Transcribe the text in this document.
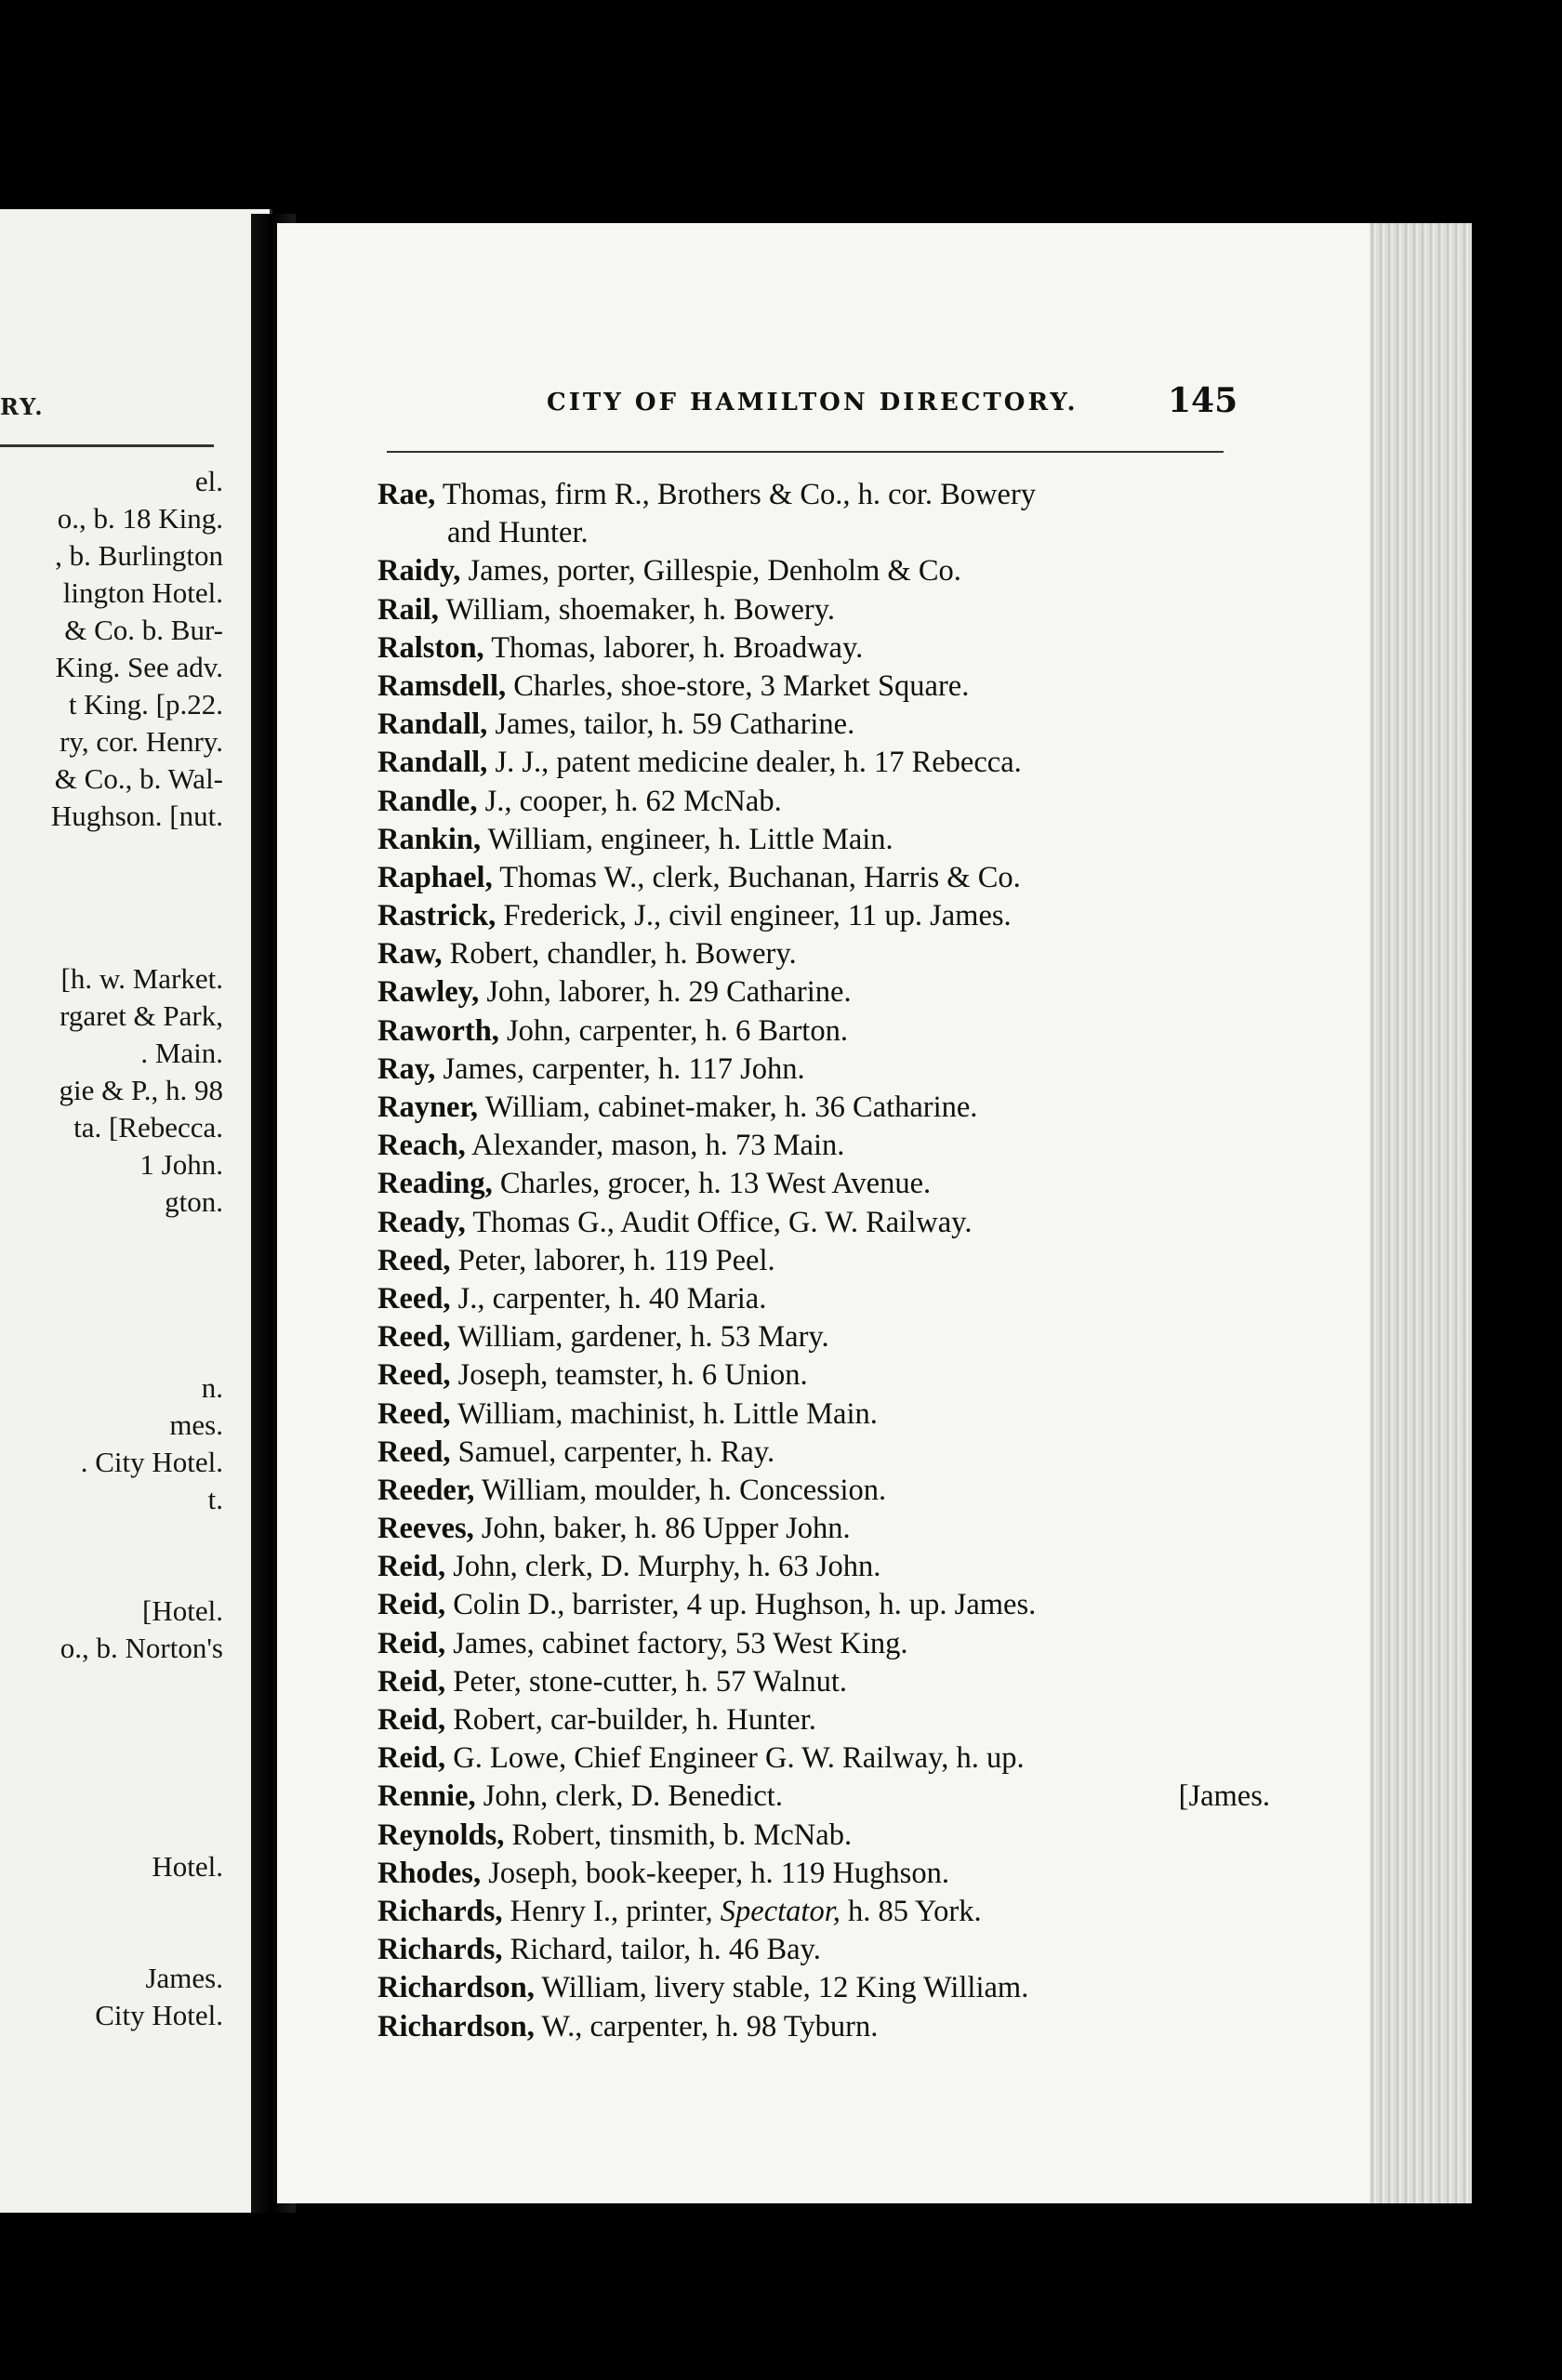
RY.
el.
o., b. 18 King.
, b. Burlington
lington Hotel.
& Co. b. Bur-
King. See adv.
t King. [p.22.
ry, cor. Henry.
& Co., b. Wal-
Hughson. [nut.
[h. w. Market.
rgaret & Park,
. Main.
gie & P., h. 98
ta. [Rebecca.
1 John.
gton.
n.
mes.
. City Hotel.
t.
[Hotel.
o., b. Norton's
Hotel.
James.
City Hotel.
CITY OF HAMILTON DIRECTORY.	145
Rae, Thomas, firm R., Brothers & Co., h. cor. Bowery
and Hunter.
Raidy, James, porter, Gillespie, Denholm & Co.
Rail, William, shoemaker, h. Bowery.
Ralston, Thomas, laborer, h. Broadway.
Ramsdell, Charles, shoe-store, 3 Market Square.
Randall, James, tailor, h. 59 Catharine.
Randall, J. J., patent medicine dealer, h. 17 Rebecca.
Randle, J., cooper, h. 62 McNab.
Rankin, William, engineer, h. Little Main.
Raphael, Thomas W., clerk, Buchanan, Harris & Co.
Rastrick, Frederick, J., civil engineer, 11 up. James.
Raw, Robert, chandler, h. Bowery.
Rawley, John, laborer, h. 29 Catharine.
Raworth, John, carpenter, h. 6 Barton.
Ray, James, carpenter, h. 117 John.
Rayner, William, cabinet-maker, h. 36 Catharine.
Reach, Alexander, mason, h. 73 Main.
Reading, Charles, grocer, h. 13 West Avenue.
Ready, Thomas G., Audit Office, G. W. Railway.
Reed, Peter, laborer, h. 119 Peel.
Reed, J., carpenter, h. 40 Maria.
Reed, William, gardener, h. 53 Mary.
Reed, Joseph, teamster, h. 6 Union.
Reed, William, machinist, h. Little Main.
Reed, Samuel, carpenter, h. Ray.
Reeder, William, moulder, h. Concession.
Reeves, John, baker, h. 86 Upper John.
Reid, John, clerk, D. Murphy, h. 63 John.
Reid, Colin D., barrister, 4 up. Hughson, h. up. James.
Reid, James, cabinet factory, 53 West King.
Reid, Peter, stone-cutter, h. 57 Walnut.
Reid, Robert, car-builder, h. Hunter.
Reid, G. Lowe, Chief Engineer G. W. Railway, h. up.
Rennie, John, clerk, D. Benedict.	[James.
Reynolds, Robert, tinsmith, b. McNab.
Rhodes, Joseph, book-keeper, h. 119 Hughson.
Richards, Henry I., printer, Spectator, h. 85 York.
Richards, Richard, tailor, h. 46 Bay.
Richardson, William, livery stable, 12 King William.
Richardson, W., carpenter, h. 98 Tyburn.
